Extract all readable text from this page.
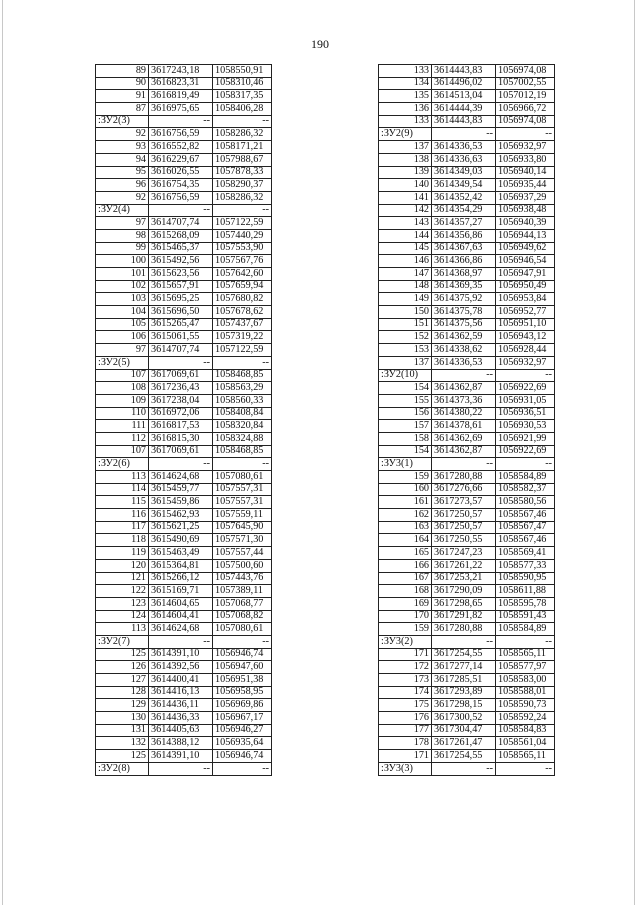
190
89	3617243,18	1058550,91
90	3616823,31	1058310,46
91	3616819,49	1058317,35
87	3616975,65	1058406,28
:ЗУ2(3)	--	--
92	3616756,59	1058286,32
93	3616552,82	1058171,21
94	3616229,67	1057988,67
95	3616026,55	1057878,33
96	3616754,35	1058290,37
92	3616756,59	1058286,32
:ЗУ2(4)	--	--
97	3614707,74	1057122,59
98	3615268,09	1057440,29
99	3615465,37	1057553,90
100	3615492,56	1057567,76
101	3615623,56	1057642,60
102	3615657,91	1057659,94
103	3615695,25	1057680,82
104	3615696,50	1057678,62
105	3615265,47	1057437,67
106	3615061,55	1057319,22
97	3614707,74	1057122,59
:ЗУ2(5)	--	--
107	3617069,61	1058468,85
108	3617236,43	1058563,29
109	3617238,04	1058560,33
110	3616972,06	1058408,84
111	3616817,53	1058320,84
112	3616815,30	1058324,88
107	3617069,61	1058468,85
:ЗУ2(6)	--	--
113	3614624,68	1057080,61
114	3615459,77	1057557,31
115	3615459,86	1057557,31
116	3615462,93	1057559,11
117	3615621,25	1057645,90
118	3615490,69	1057571,30
119	3615463,49	1057557,44
120	3615364,81	1057500,60
121	3615266,12	1057443,76
122	3615169,71	1057389,11
123	3614604,65	1057068,77
124	3614604,41	1057068,82
113	3614624,68	1057080,61
:ЗУ2(7)	--	--
125	3614391,10	1056946,74
126	3614392,56	1056947,60
127	3614400,41	1056951,38
128	3614416,13	1056958,95
129	3614436,11	1056969,86
130	3614436,33	1056967,17
131	3614405,63	1056946,27
132	3614388,12	1056935,64
125	3614391,10	1056946,74
:ЗУ2(8)	--	--
133	3614443,83	1056974,08
134	3614496,02	1057002,55
135	3614513,04	1057012,19
136	3614444,39	1056966,72
133	3614443,83	1056974,08
:ЗУ2(9)	--	--
137	3614336,53	1056932,97
138	3614336,63	1056933,80
139	3614349,03	1056940,14
140	3614349,54	1056935,44
141	3614352,42	1056937,29
142	3614354,29	1056938,48
143	3614357,27	1056940,39
144	3614356,86	1056944,13
145	3614367,63	1056949,62
146	3614366,86	1056946,54
147	3614368,97	1056947,91
148	3614369,35	1056950,49
149	3614375,92	1056953,84
150	3614375,78	1056952,77
151	3614375,56	1056951,10
152	3614362,59	1056943,12
153	3614338,62	1056928,44
137	3614336,53	1056932,97
:ЗУ2(10)	--	--
154	3614362,87	1056922,69
155	3614373,36	1056931,05
156	3614380,22	1056936,51
157	3614378,61	1056930,53
158	3614362,69	1056921,99
154	3614362,87	1056922,69
:ЗУ3(1)	--	--
159	3617280,88	1058584,89
160	3617276,66	1058582,37
161	3617273,57	1058580,56
162	3617250,57	1058567,46
163	3617250,57	1058567,47
164	3617250,55	1058567,46
165	3617247,23	1058569,41
166	3617261,22	1058577,33
167	3617253,21	1058590,95
168	3617290,09	1058611,88
169	3617298,65	1058595,78
170	3617291,82	1058591,43
159	3617280,88	1058584,89
:ЗУ3(2)	--	--
171	3617254,55	1058565,11
172	3617277,14	1058577,97
173	3617285,51	1058583,00
174	3617293,89	1058588,01
175	3617298,15	1058590,73
176	3617300,52	1058592,24
177	3617304,47	1058584,83
178	3617261,47	1058561,04
171	3617254,55	1058565,11
:ЗУ3(3)	--	--
